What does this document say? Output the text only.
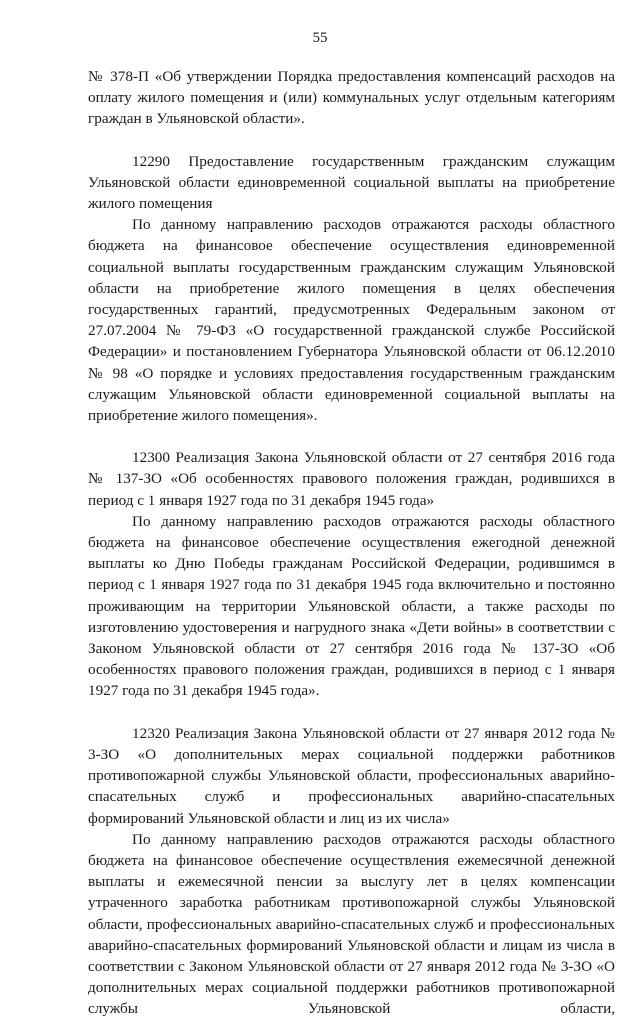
55

№ 378-П «Об утверждении Порядка предоставления компенсаций расходов на оплату жилого помещения и (или) коммунальных услуг отдельным категориям граждан в Ульяновской области».

12290 Предоставление государственным гражданским служащим Ульяновской области единовременной социальной выплаты на приобретение жилого помещения

По данному направлению расходов отражаются расходы областного бюджета на финансовое обеспечение осуществления единовременной социальной выплаты государственным гражданским служащим Ульяновской области на приобретение жилого помещения в целях обеспечения государственных гарантий, предусмотренных Федеральным законом от 27.07.2004 № 79-ФЗ «О государственной гражданской службе Российской Федерации» и постановлением Губернатора Ульяновской области от 06.12.2010 № 98 «О порядке и условиях предоставления государственным гражданским служащим Ульяновской области единовременной социальной выплаты на приобретение жилого помещения».

12300 Реализация Закона Ульяновской области от 27 сентября 2016 года № 137-ЗО «Об особенностях правового положения граждан, родившихся в период с 1 января 1927 года по 31 декабря 1945 года»

По данному направлению расходов отражаются расходы областного бюджета на финансовое обеспечение осуществления ежегодной денежной выплаты ко Дню Победы гражданам Российской Федерации, родившимся в период с 1 января 1927 года по 31 декабря 1945 года включительно и постоянно проживающим на территории Ульяновской области, а также расходы по изготовлению удостоверения и нагрудного знака «Дети войны» в соответствии с Законом Ульяновской области от 27 сентября 2016 года № 137-ЗО «Об особенностях правового положения граждан, родившихся в период с 1 января 1927 года по 31 декабря 1945 года».

12320 Реализация Закона Ульяновской области от 27 января 2012 года № 3-ЗО «О дополнительных мерах социальной поддержки работников противопожарной службы Ульяновской области, профессиональных аварийно-спасательных служб и профессиональных аварийно-спасательных формирований Ульяновской области и лиц из их числа»

По данному направлению расходов отражаются расходы областного бюджета на финансовое обеспечение осуществления ежемесячной денежной выплаты и ежемесячной пенсии за выслугу лет в целях компенсации утраченного заработка работникам противопожарной службы Ульяновской области, профессиональных аварийно-спасательных служб и профессиональных аварийно-спасательных формирований Ульяновской области и лицам из числа в соответствии с Законом Ульяновской области от 27 января 2012 года № 3-ЗО «О дополнительных мерах социальной поддержки работников противопожарной службы Ульяновской области,
